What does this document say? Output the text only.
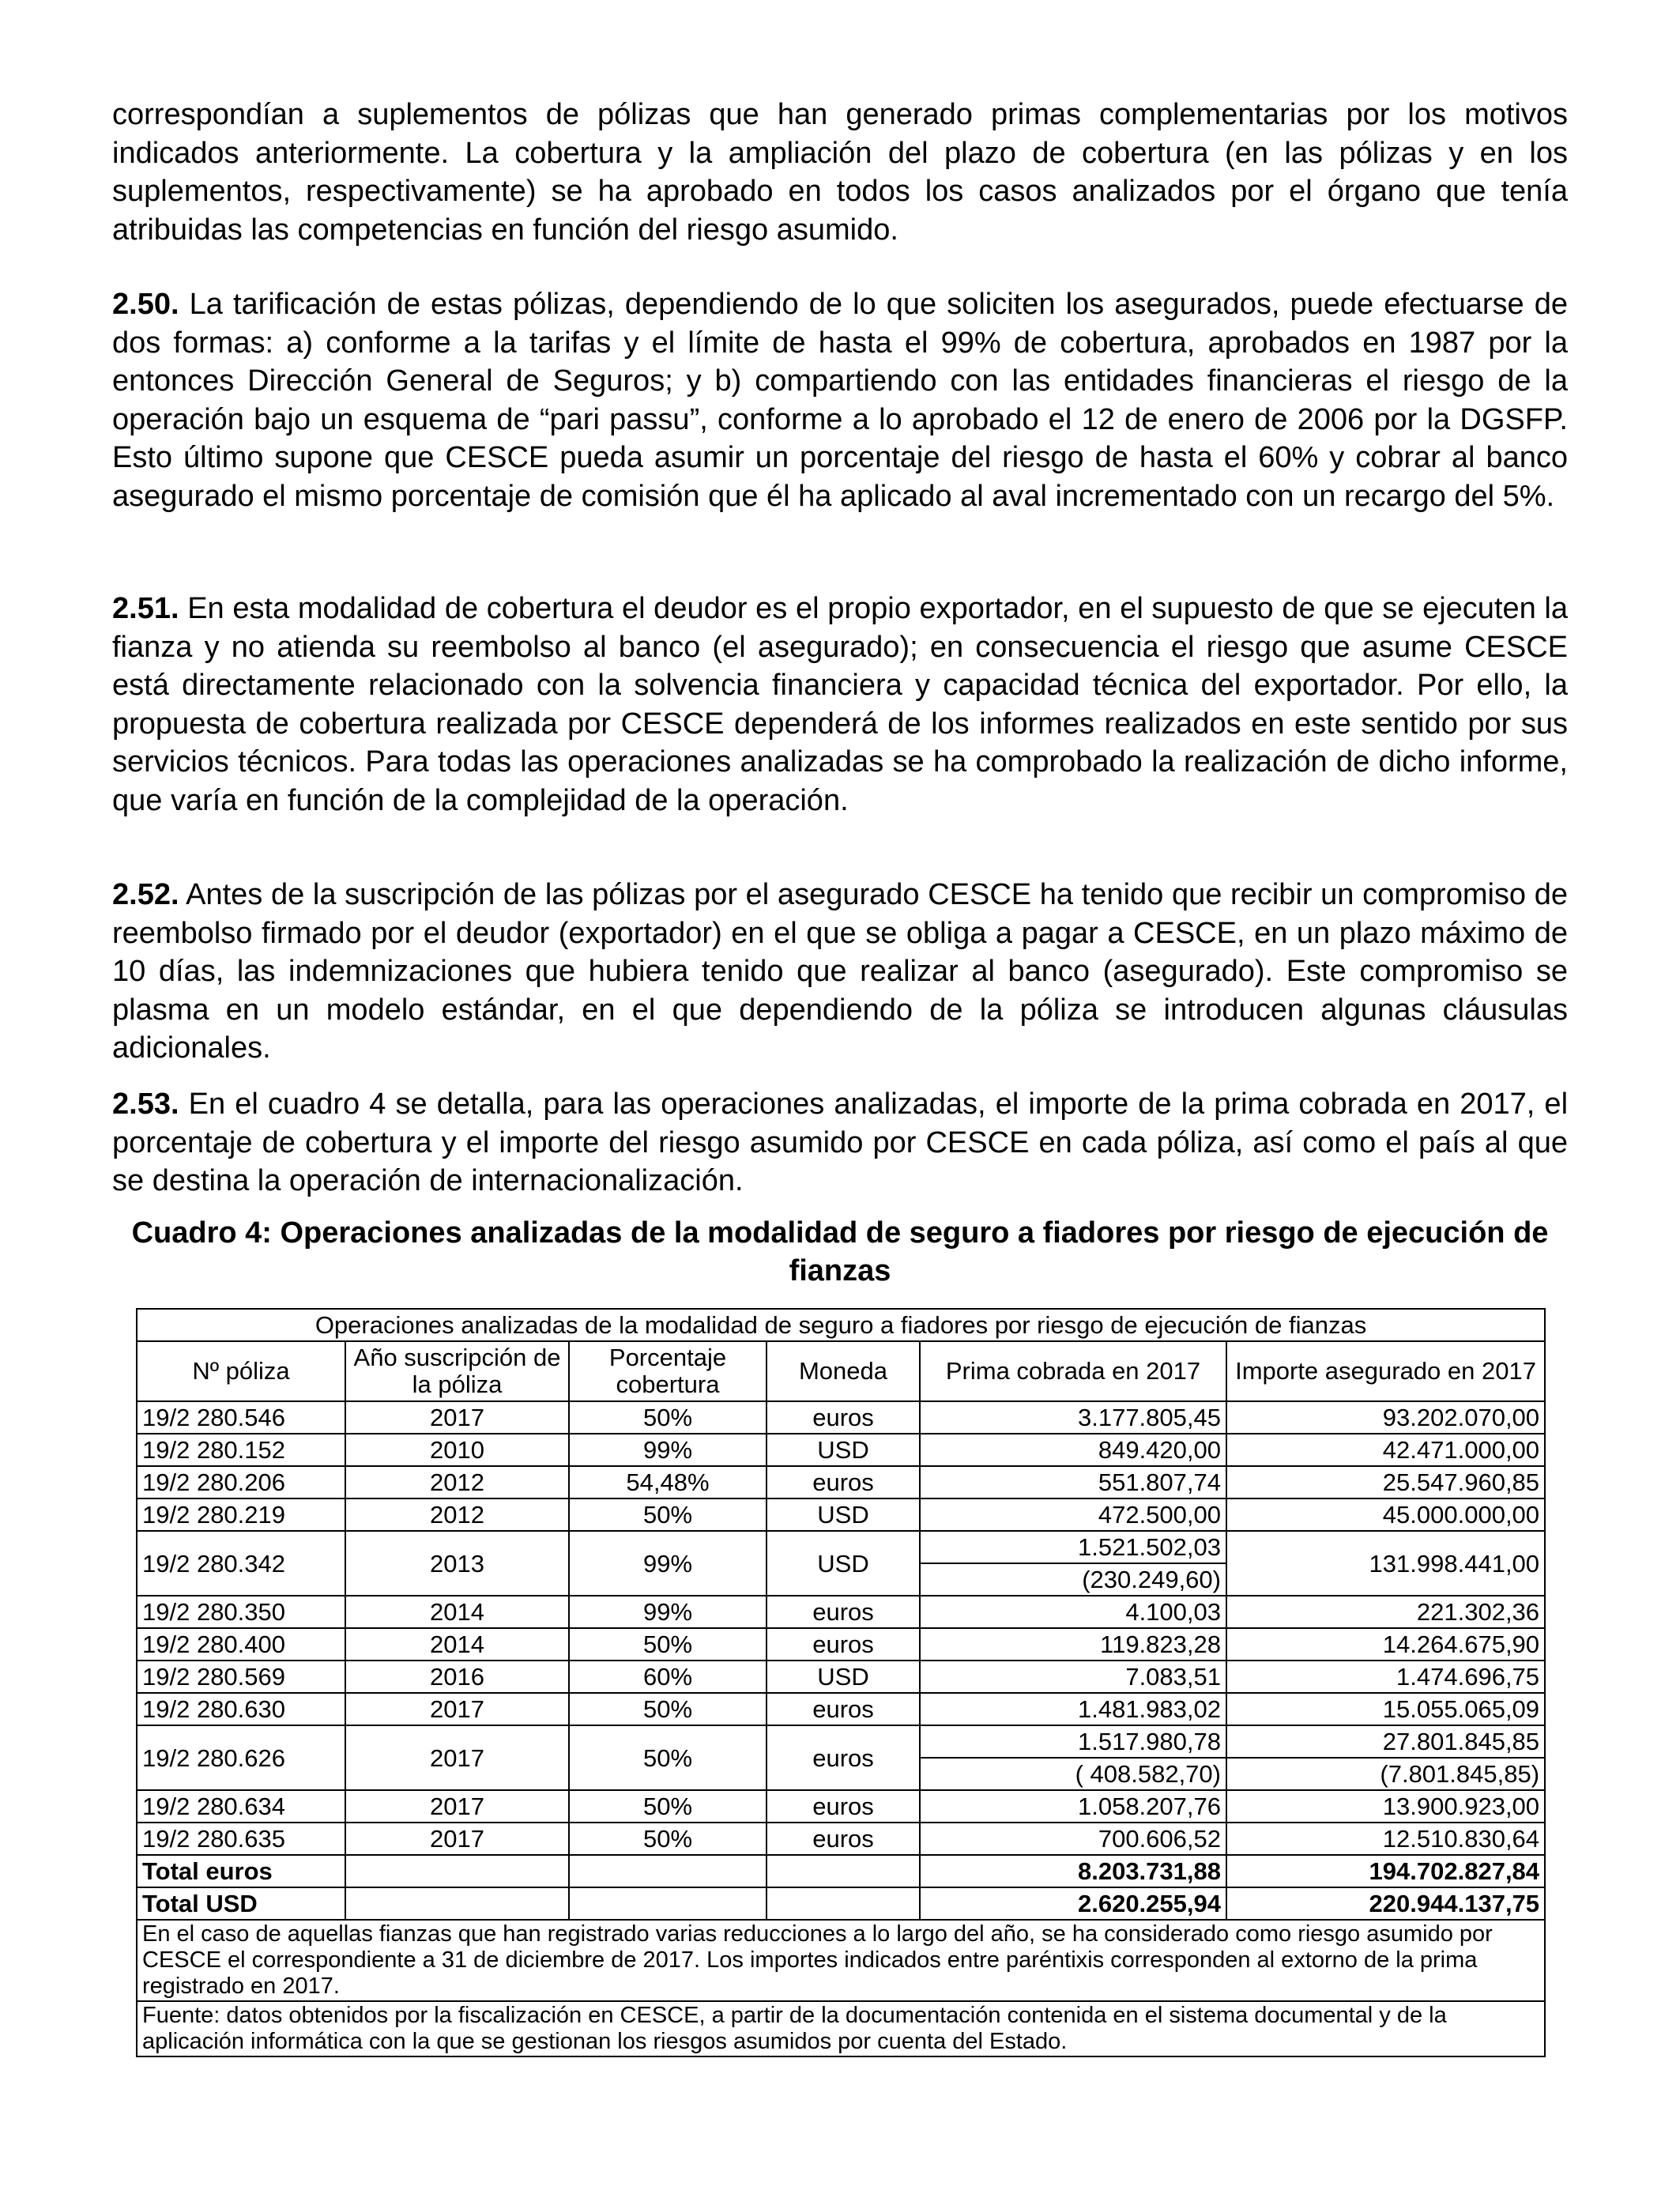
correspondían a suplementos de pólizas que han generado primas complementarias por los motivos indicados anteriormente. La cobertura y la ampliación del plazo de cobertura (en las pólizas y en los suplementos, respectivamente) se ha aprobado en todos los casos analizados por el órgano que tenía atribuidas las competencias en función del riesgo asumido.

2.50. La tarificación de estas pólizas, dependiendo de lo que soliciten los asegurados, puede efectuarse de dos formas: a) conforme a la tarifas y el límite de hasta el 99% de cobertura, aprobados en 1987 por la entonces Dirección General de Seguros; y b) compartiendo con las entidades financieras el riesgo de la operación bajo un esquema de “pari passu”, conforme a lo aprobado el 12 de enero de 2006 por la DGSFP. Esto último supone que CESCE pueda asumir un porcentaje del riesgo de hasta el 60% y cobrar al banco asegurado el mismo porcentaje de comisión que él ha aplicado al aval incrementado con un recargo del 5%.

2.51. En esta modalidad de cobertura el deudor es el propio exportador, en el supuesto de que se ejecuten la fianza y no atienda su reembolso al banco (el asegurado); en consecuencia el riesgo que asume CESCE está directamente relacionado con la solvencia financiera y capacidad técnica del exportador. Por ello, la propuesta de cobertura realizada por CESCE dependerá de los informes realizados en este sentido por sus servicios técnicos. Para todas las operaciones analizadas se ha comprobado la realización de dicho informe, que varía en función de la complejidad de la operación.

2.52. Antes de la suscripción de las pólizas por el asegurado CESCE ha tenido que recibir un compromiso de reembolso firmado por el deudor (exportador) en el que se obliga a pagar a CESCE, en un plazo máximo de 10 días, las indemnizaciones que hubiera tenido que realizar al banco (asegurado). Este compromiso se plasma en un modelo estándar, en el que dependiendo de la póliza se introducen algunas cláusulas adicionales.

2.53. En el cuadro 4 se detalla, para las operaciones analizadas, el importe de la prima cobrada en 2017, el porcentaje de cobertura y el importe del riesgo asumido por CESCE en cada póliza, así como el país al que se destina la operación de internacionalización.

Cuadro 4: Operaciones analizadas de la modalidad de seguro a fiadores por riesgo de ejecución de fianzas

Operaciones analizadas de la modalidad de seguro a fiadores por riesgo de ejecución de fianzas					
Nº póliza	Año suscripción de la póliza	Porcentaje cobertura	Moneda	Prima cobrada en 2017	Importe asegurado en 2017
19/2 280.546	2017	50%	euros	3.177.805,45	93.202.070,00
19/2 280.152	2010	99%	USD	849.420,00	42.471.000,00
19/2 280.206	2012	54,48%	euros	551.807,74	25.547.960,85
19/2 280.219	2012	50%	USD	472.500,00	45.000.000,00
19/2 280.342	2013	99%	USD	1.521.502,03	131.998.441,00
				(230.249,60)	
19/2 280.350	2014	99%	euros	4.100,03	221.302,36
19/2 280.400	2014	50%	euros	119.823,28	14.264.675,90
19/2 280.569	2016	60%	USD	7.083,51	1.474.696,75
19/2 280.630	2017	50%	euros	1.481.983,02	15.055.065,09
19/2 280.626	2017	50%	euros	1.517.980,78	27.801.845,85
				( 408.582,70)	(7.801.845,85)
19/2 280.634	2017	50%	euros	1.058.207,76	13.900.923,00
19/2 280.635	2017	50%	euros	700.606,52	12.510.830,64
Total euros				8.203.731,88	194.702.827,84
Total USD				2.620.255,94	220.944.137,75
En el caso de aquellas fianzas que han registrado varias reducciones a lo largo del año, se ha considerado como riesgo asumido por CESCE el correspondiente a 31 de diciembre de 2017. Los importes indicados entre paréntixis corresponden al extorno de la prima registrado en 2017.					
Fuente: datos obtenidos por la fiscalización en CESCE, a partir de la documentación contenida en el sistema documental y de la aplicación informática con la que se gestionan los riesgos asumidos por cuenta del Estado.					
